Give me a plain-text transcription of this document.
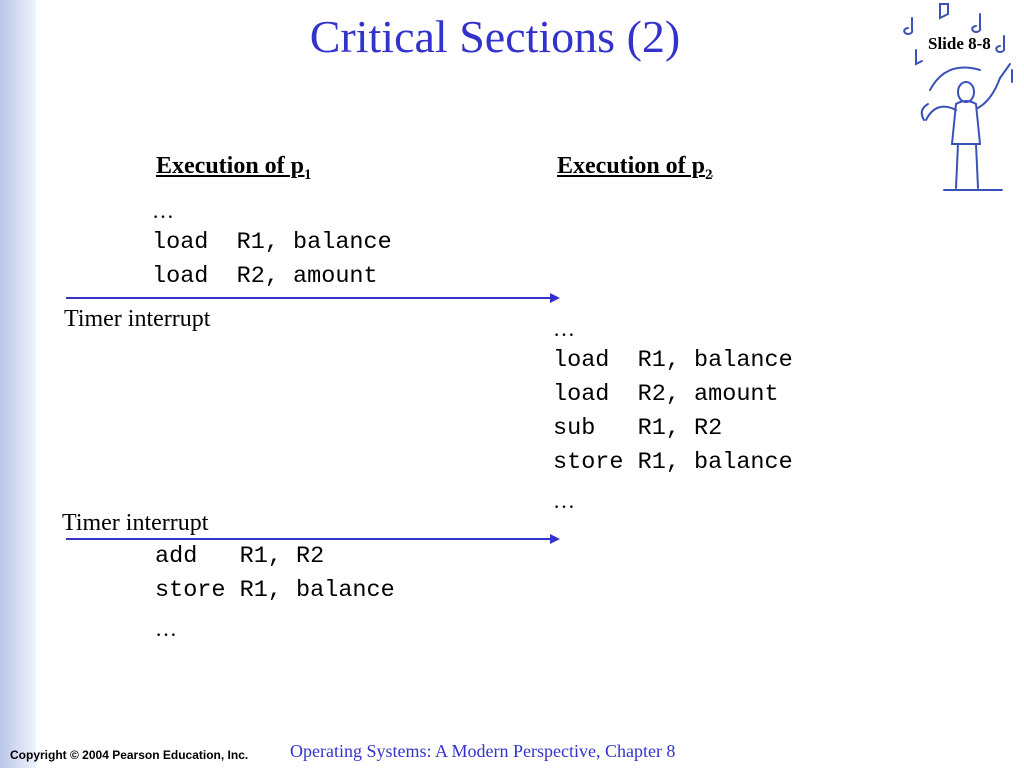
Critical Sections (2)	Slide 8-8
Execution of $p_1$	Execution of $p_2$
…
load  R1, balance
load  R2, amount
Timer interrupt	…
load  R1, balance
load  R2, amount
sub   R1, R2
store R1, balance
…
Timer interrupt
add   R1, R2
store R1, balance
…
Copyright © 2004 Pearson Education, Inc. Operating Systems: A Modern Perspective, Chapter 8
